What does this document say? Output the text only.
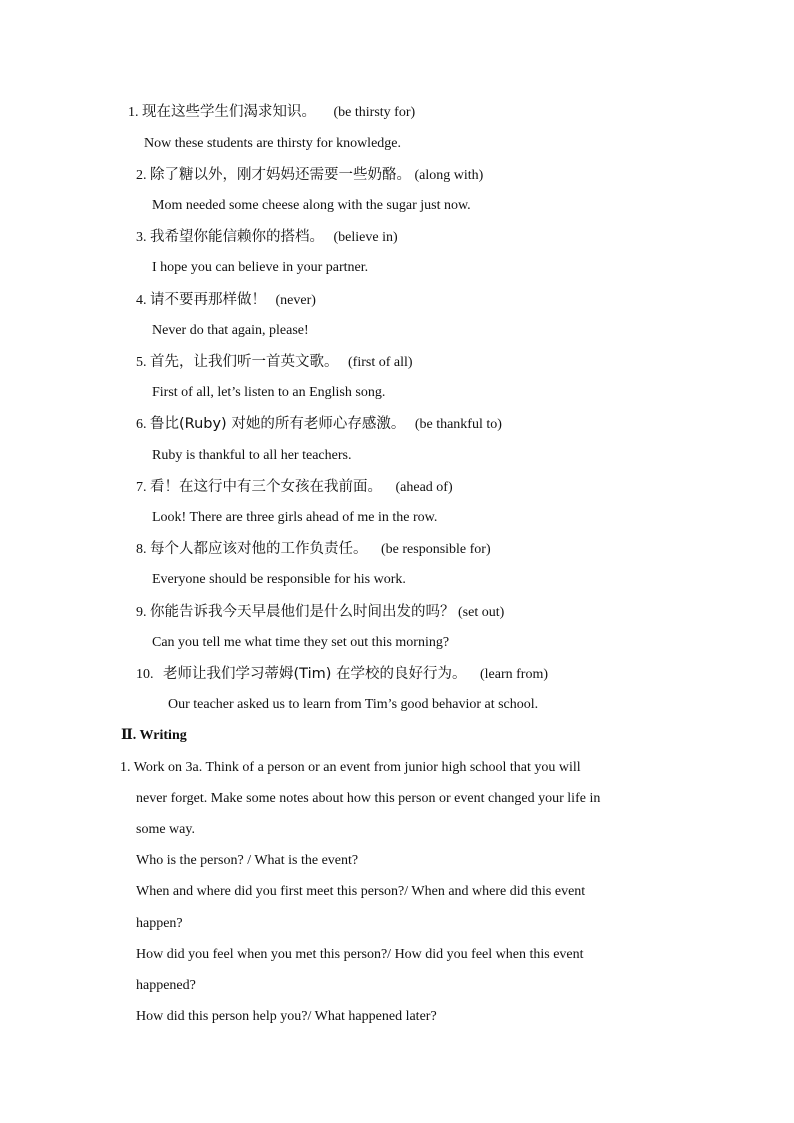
1. 现在这些学生们渴求知识。 (be thirsty for)
Now these students are thirsty for knowledge.
2. 除了糖以外，刚才妈妈还需要一些奶酪。 (along with)
Mom needed some cheese along with the sugar just now.
3. 我希望你能信赖你的搭档。 (believe in)
I hope you can believe in your partner.
4. 请不要再那样做！ (never)
Never do that again, please!
5. 首先，让我们听一首英文歌。 (first of all)
First of all, let’s listen to an English song.
6. 鲁比(Ruby) 对她的所有老师心存感激。 (be thankful to)
Ruby is thankful to all her teachers.
7. 看！在这行中有三个女孩在我前面。 (ahead of)
Look! There are three girls ahead of me in the row.
8. 每个人都应该对他的工作负责任。 (be responsible for)
Everyone should be responsible for his work.
9. 你能告诉我今天早晨他们是什么时间出发的吗？ (set out)
Can you tell me what time they set out this morning?
10. 老师让我们学习蒂姆(Tim) 在学校的良好行为。 (learn from)
Our teacher asked us to learn from Tim’s good behavior at school.
Ⅱ. Writing
1. Work on 3a. Think of a person or an event from junior high school that you will
never forget. Make some notes about how this person or event changed your life in
some way.
Who is the person? / What is the event?
When and where did you first meet this person?/ When and where did this event
happen?
How did you feel when you met this person?/ How did you feel when this event
happened?
How did this person help you?/ What happened later?
